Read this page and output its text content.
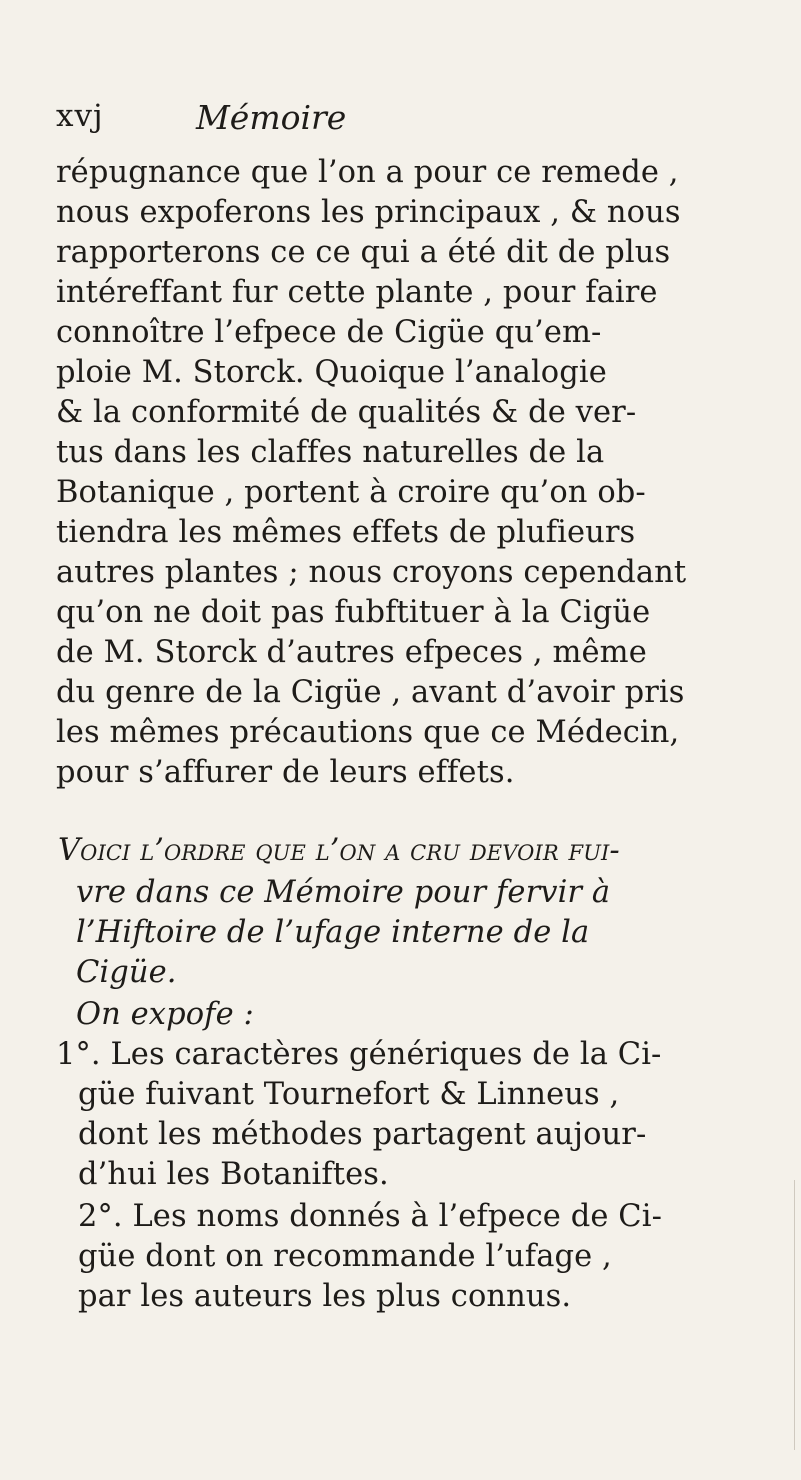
xvj	Mémoire
répugnance que l’on a pour ce remede ,
nous expoferons les principaux , & nous
rapporterons ce ce qui a été dit de plus
intéreffant fur cette plante , pour faire
connoître l’efpece de Cigüe qu’em-
ploie M. Storck. Quoique l’analogie
& la conformité de qualités & de ver-
tus dans les claffes naturelles de la
Botanique , portent à croire qu’on ob-
tiendra les mêmes effets de plufieurs
autres plantes ; nous croyons cependant
qu’on ne doit pas fubftituer à la Cigüe
de M. Storck d’autres efpeces , même
du genre de la Cigüe , avant d’avoir pris
les mêmes précautions que ce Médecin,
pour s’affurer de leurs effets.
Voici l’ordre que l’on a cru devoir fui-
vre dans ce Mémoire pour fervir à
l’Hiftoire de l’ufage interne de la
Cigüe.
On expofe :
1°. Les caractères génériques de la Ci-
güe fuivant Tournefort & Linneus ,
dont les méthodes partagent aujour-
d’hui les Botaniftes.
2°. Les noms donnés à l’efpece de Ci-
güe dont on recommande l’ufage ,
par les auteurs les plus connus.
